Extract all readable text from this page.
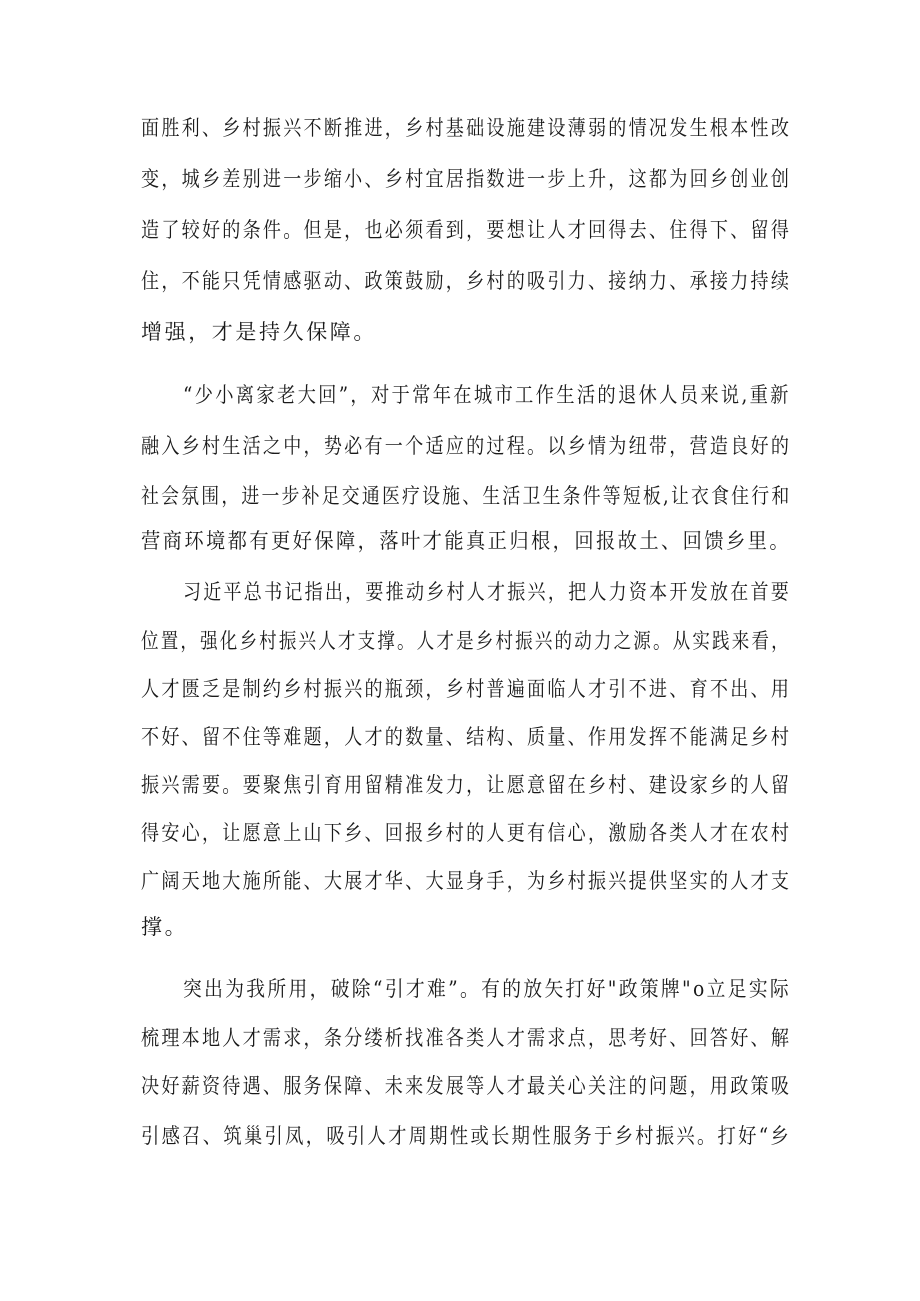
面胜利、乡村振兴不断推进，乡村基础设施建设薄弱的情况发生根本性改
变，城乡差别进一步缩小、乡村宜居指数进一步上升，这都为回乡创业创
造了较好的条件。但是，也必须看到，要想让人才回得去、住得下、留得
住，不能只凭情感驱动、政策鼓励，乡村的吸引力、接纳力、承接力持续
增强，才是持久保障。
“少小离家老大回”，对于常年在城市工作生活的退休人员来说,重新
融入乡村生活之中，势必有一个适应的过程。以乡情为纽带，营造良好的
社会氛围，进一步补足交通医疗设施、生活卫生条件等短板,让衣食住行和
营商环境都有更好保障，落叶才能真正归根，回报故土、回馈乡里。
习近平总书记指出，要推动乡村人才振兴，把人力资本开发放在首要
位置，强化乡村振兴人才支撑。人才是乡村振兴的动力之源。从实践来看，
人才匮乏是制约乡村振兴的瓶颈，乡村普遍面临人才引不进、育不出、用
不好、留不住等难题，人才的数量、结构、质量、作用发挥不能满足乡村
振兴需要。要聚焦引育用留精准发力，让愿意留在乡村、建设家乡的人留
得安心，让愿意上山下乡、回报乡村的人更有信心，激励各类人才在农村
广阔天地大施所能、大展才华、大显身手，为乡村振兴提供坚实的人才支
撑。
突出为我所用，破除“引才难”。有的放矢打好"政策牌"o立足实际
梳理本地人才需求，条分缕析找准各类人才需求点，思考好、回答好、解
决好薪资待遇、服务保障、未来发展等人才最关心关注的问题，用政策吸
引感召、筑巢引凤，吸引人才周期性或长期性服务于乡村振兴。打好“乡
